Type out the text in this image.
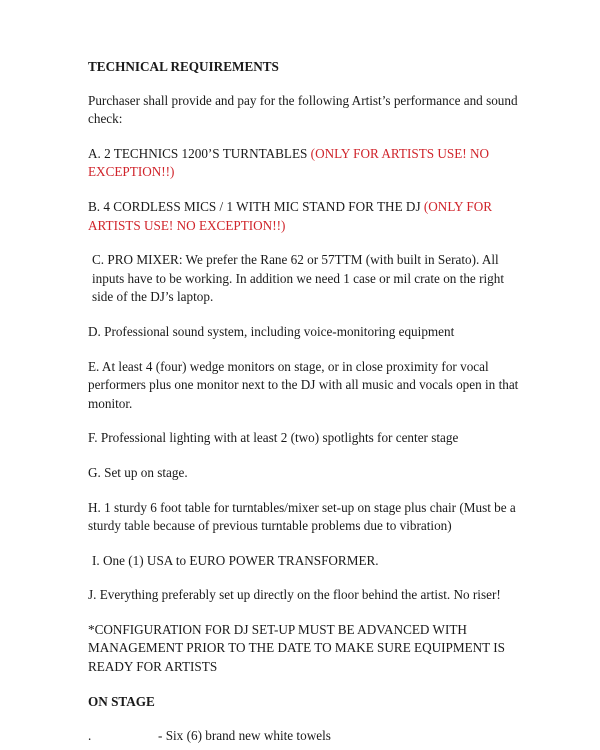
TECHNICAL REQUIREMENTS

Purchaser shall provide and pay for the following Artist’s performance and sound check:

A. 2 TECHNICS 1200’S TURNTABLES (ONLY FOR ARTISTS USE! NO EXCEPTION!!)

B. 4 CORDLESS MICS / 1 WITH MIC STAND FOR THE DJ (ONLY FOR ARTISTS USE! NO EXCEPTION!!)

C. PRO MIXER: We prefer the Rane 62 or 57TTM (with built in Serato). All inputs have to be working. In addition we need 1 case or mil crate on the right side of the DJ’s laptop.

D. Professional sound system, including voice-monitoring equipment

E. At least 4 (four) wedge monitors on stage, or in close proximity for vocal performers plus one monitor next to the DJ with all music and vocals open in that monitor.

F. Professional lighting with at least 2 (two) spotlights for center stage

G. Set up on stage.

H. 1 sturdy 6 foot table for turntables/mixer set-up on stage plus chair (Must be a sturdy table because of previous turntable problems due to vibration)

I. One (1) USA to EURO POWER TRANSFORMER.

J. Everything preferably set up directly on the floor behind the artist. No riser!

*CONFIGURATION FOR DJ SET-UP MUST BE ADVANCED WITH MANAGEMENT PRIOR TO THE DATE TO MAKE SURE EQUIPMENT IS READY FOR ARTISTS

ON STAGE

.	- Six (6) brand new white towels
